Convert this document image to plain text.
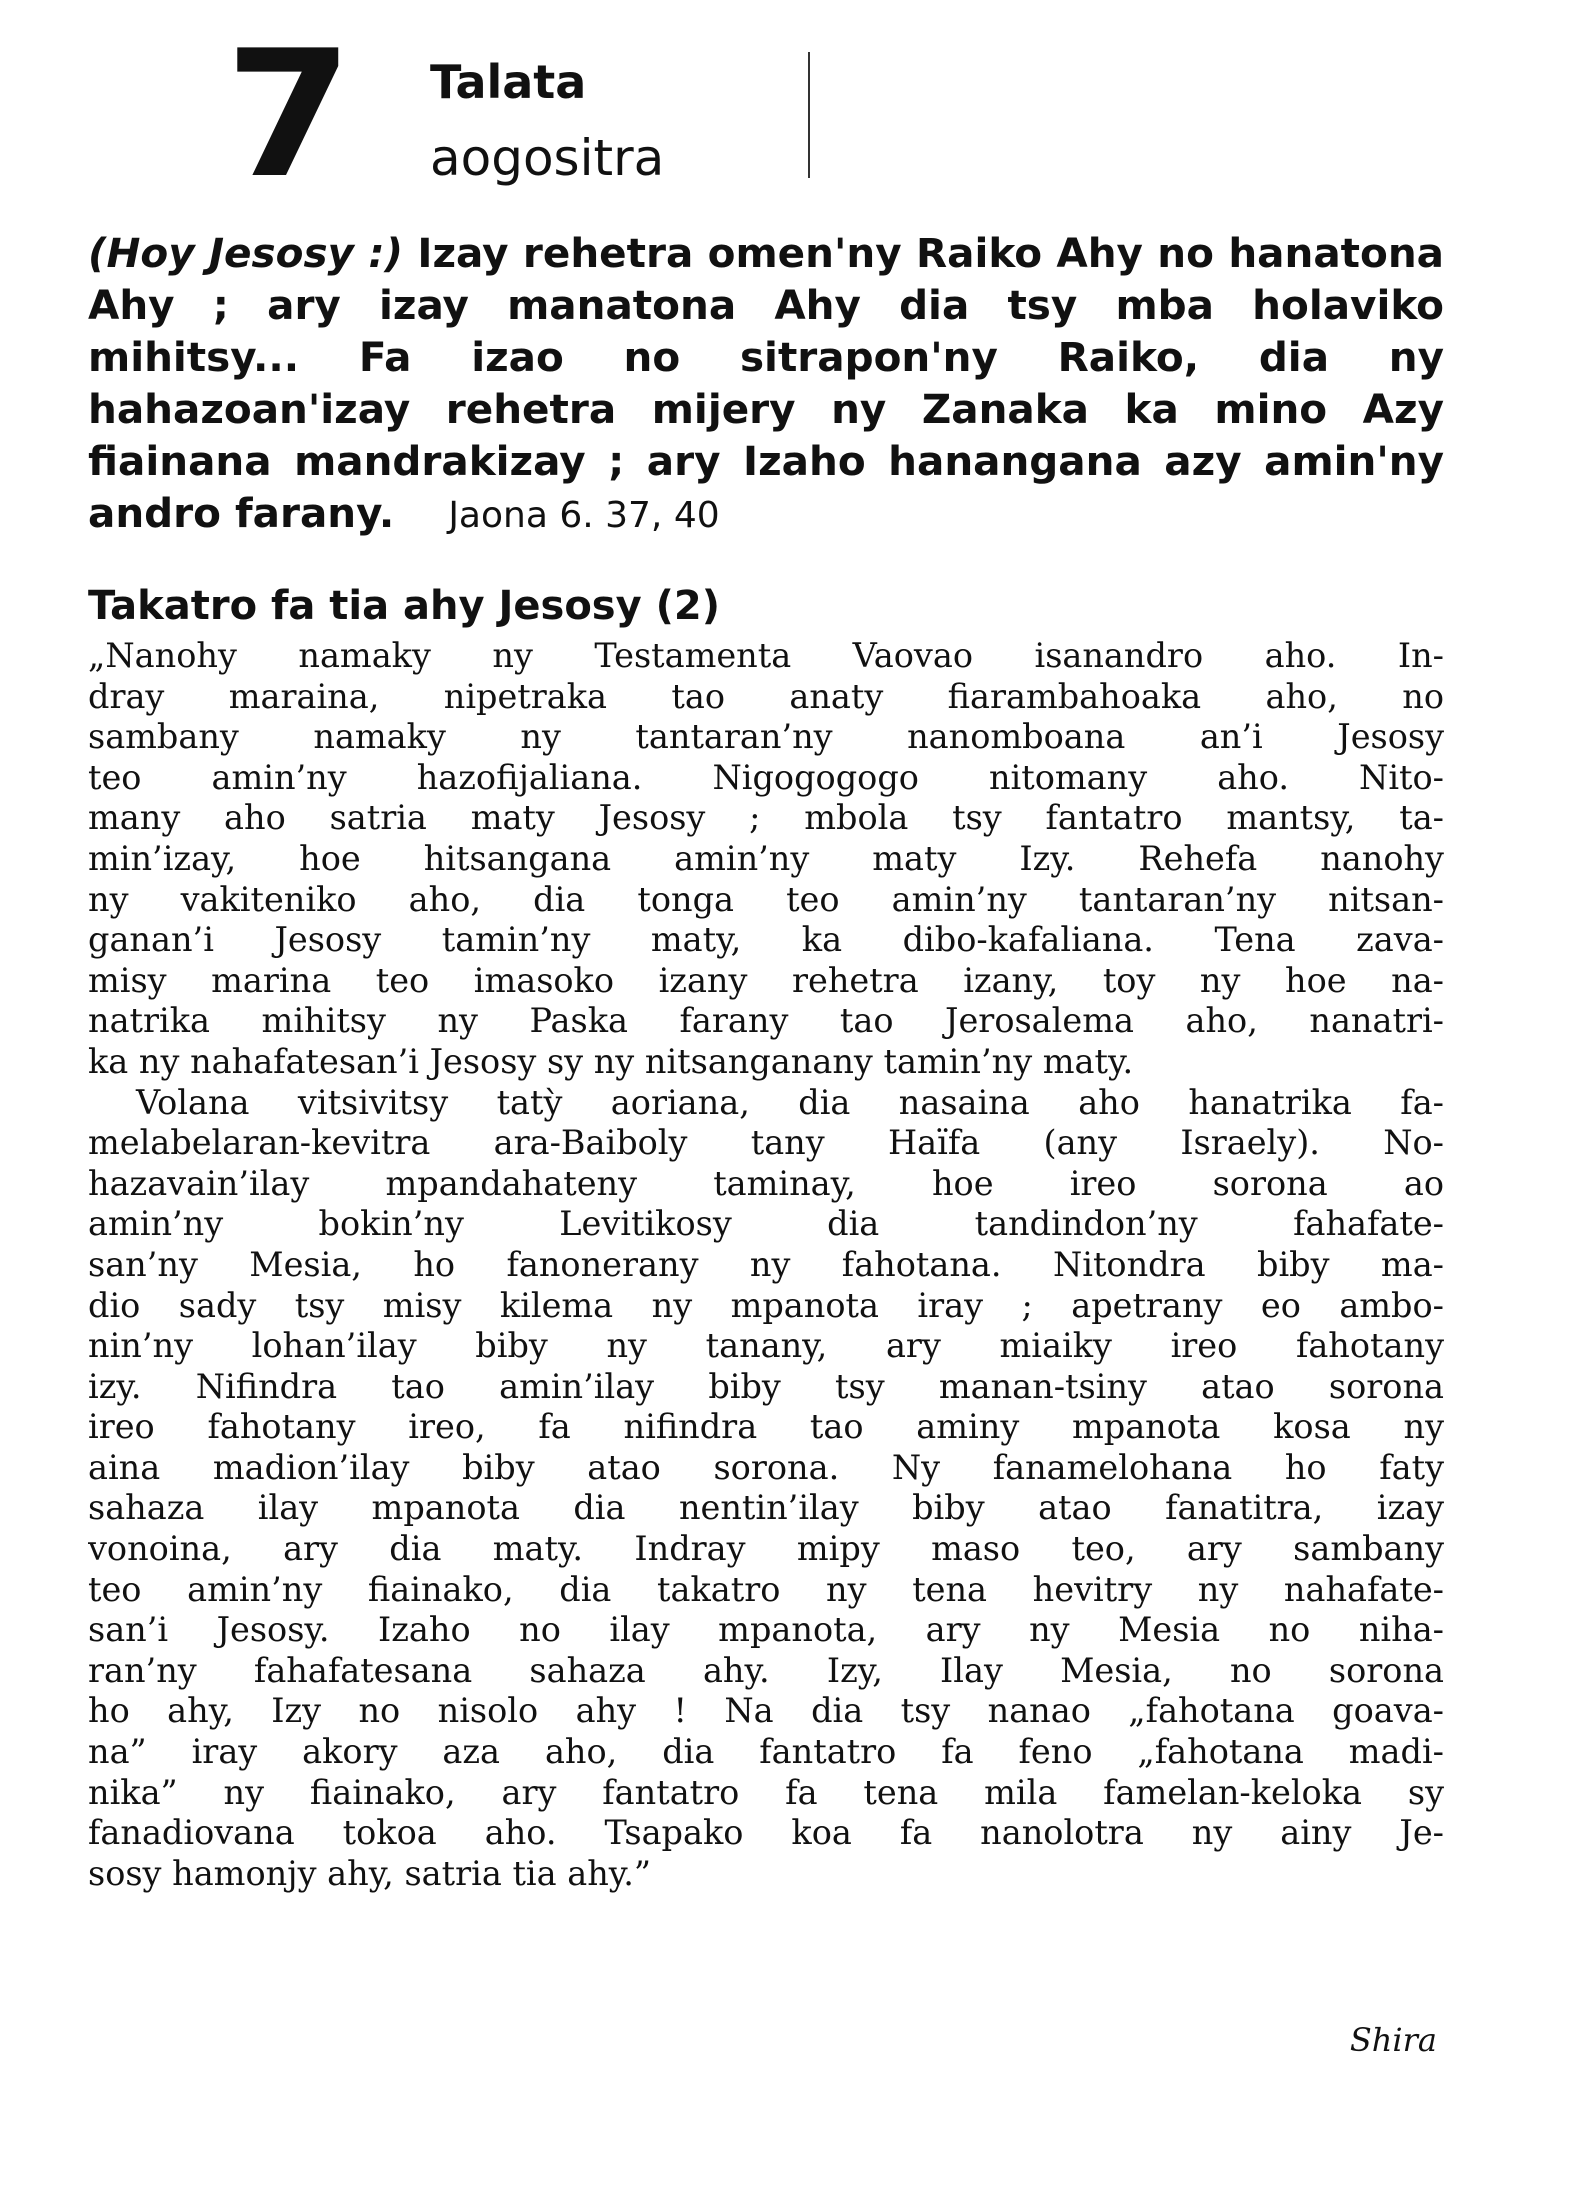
7 Talata
aogositra
(Hoy Jesosy :) Izay rehetra omen'ny Raiko Ahy no hanatona Ahy ; ary izay manatona Ahy dia tsy mba holaviko mihitsy... Fa izao no sitrapon'ny Raiko, dia ny hahazoan'izay rehetra mijery ny Zanaka ka mino Azy fiainana mandrakizay ; ary Izaho hanangana azy amin'ny andro farany. Jaona 6. 37, 40
Takatro fa tia ahy Jesosy (2)
„Nanohy namaky ny Testamenta Vaovao isanandro aho. In-
dray maraina, nipetraka tao anaty fiarambahoaka aho, no
sambany namaky ny tantaran’ny nanomboana an’i Jesosy
teo amin’ny hazofijaliana. Nigogogogo nitomany aho. Nito-
many aho satria maty Jesosy ; mbola tsy fantatro mantsy, ta-
min’izay, hoe hitsangana amin’ny maty Izy. Rehefa nanohy
ny vakiteniko aho, dia tonga teo amin’ny tantaran’ny nitsan-
ganan’i Jesosy tamin’ny maty, ka dibo-kafaliana. Tena zava-
misy marina teo imasoko izany rehetra izany, toy ny hoe na-
natrika mihitsy ny Paska farany tao Jerosalema aho, nanatri-
ka ny nahafatesan’i Jesosy sy ny nitsanganany tamin’ny maty.
Volana vitsivitsy tatỳ aoriana, dia nasaina aho hanatrika fa-
melabelaran-kevitra ara-Baiboly tany Haïfa (any Israely). No-
hazavain’ilay mpandahateny taminay, hoe ireo sorona ao
amin’ny bokin’ny Levitikosy dia tandindon’ny fahafate-
san’ny Mesia, ho fanonerany ny fahotana. Nitondra biby ma-
dio sady tsy misy kilema ny mpanota iray ; apetrany eo ambo-
nin’ny lohan’ilay biby ny tanany, ary miaiky ireo fahotany
izy. Nifindra tao amin’ilay biby tsy manan-tsiny atao sorona
ireo fahotany ireo, fa nifindra tao aminy mpanota kosa ny
aina madion’ilay biby atao sorona. Ny fanamelohana ho faty
sahaza ilay mpanota dia nentin’ilay biby atao fanatitra, izay
vonoina, ary dia maty. Indray mipy maso teo, ary sambany
teo amin’ny fiainako, dia takatro ny tena hevitry ny nahafate-
san’i Jesosy. Izaho no ilay mpanota, ary ny Mesia no niha-
ran’ny fahafatesana sahaza ahy. Izy, Ilay Mesia, no sorona
ho ahy, Izy no nisolo ahy ! Na dia tsy nanao „fahotana goava-
na” iray akory aza aho, dia fantatro fa feno „fahotana madi-
nika” ny fiainako, ary fantatro fa tena mila famelan-keloka sy
fanadiovana tokoa aho. Tsapako koa fa nanolotra ny ainy Je-
sosy hamonjy ahy, satria tia ahy.”
Shira
